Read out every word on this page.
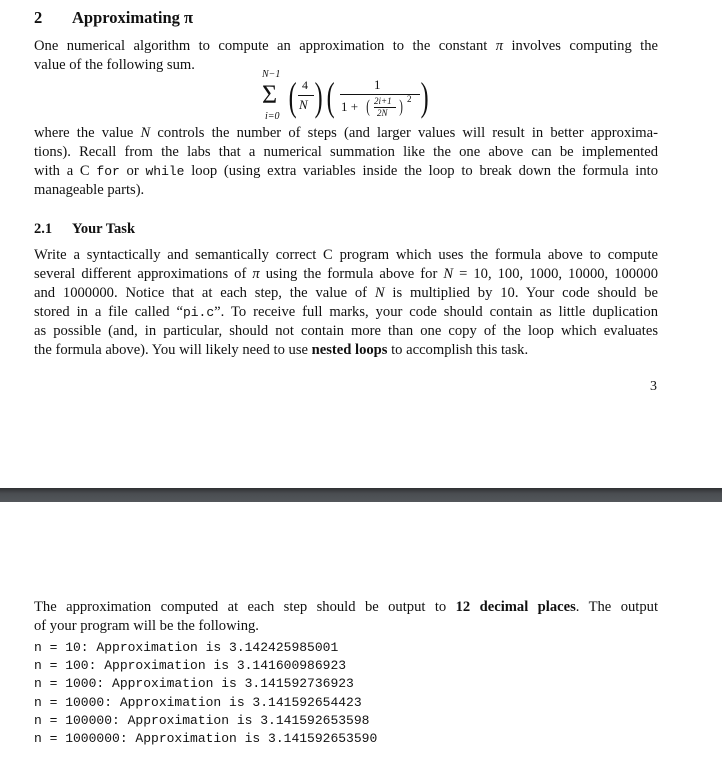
2 Approximating π
One numerical algorithm to compute an approximation to the constant π involves computing the
value of the following sum.
N−1
Σ
i=0 ( 4
N ) (	1
1 + ( 2i+1
2N ) 2 )
where the value N controls the number of steps (and larger values will result in better approxima-
tions). Recall from the labs that a numerical summation like the one above can be implemented
with a C for or while loop (using extra variables inside the loop to break down the formula into
manageable parts).
2.1 Your Task
Write a syntactically and semantically correct C program which uses the formula above to compute
several different approximations of π using the formula above for N = 10, 100, 1000, 10000, 100000
and 1000000. Notice that at each step, the value of N is multiplied by 10. Your code should be
stored in a file called “pi.c”. To receive full marks, your code should contain as little duplication
as possible (and, in particular, should not contain more than one copy of the loop which evaluates
the formula above). You will likely need to use nested loops to accomplish this task.
3
The approximation computed at each step should be output to 12 decimal places. The output
of your program will be the following.
n = 10: Approximation is 3.142425985001
n = 100: Approximation is 3.141600986923
n = 1000: Approximation is 3.141592736923
n = 10000: Approximation is 3.141592654423
n = 100000: Approximation is 3.141592653598
n = 1000000: Approximation is 3.141592653590
